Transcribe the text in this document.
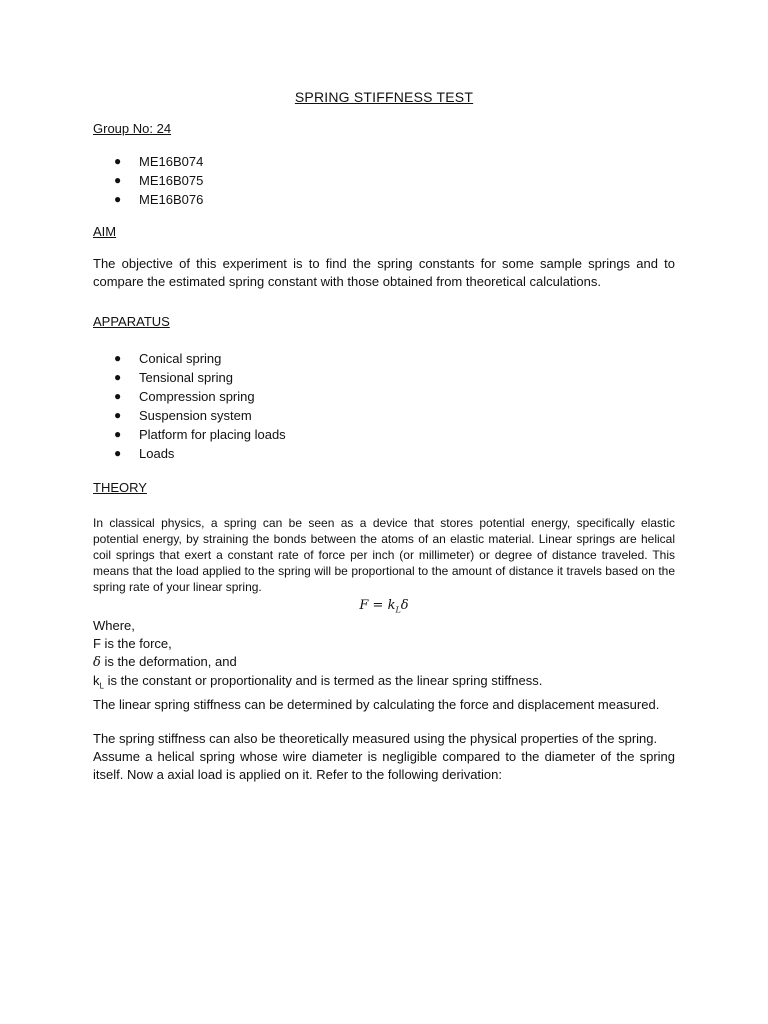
SPRING STIFFNESS TEST

Group No: 24

● ME16B074
● ME16B075
● ME16B076

AIM

The objective of this experiment is to find the spring constants for some sample springs and to compare the estimated spring constant with those obtained from theoretical calculations.

APPARATUS

● Conical spring
● Tensional spring
● Compression spring
● Suspension system
● Platform for placing loads
● Loads

THEORY

In classical physics, a spring can be seen as a device that stores potential energy, specifically elastic potential energy, by straining the bonds between the atoms of an elastic material. Linear springs are helical coil springs that exert a constant rate of force per inch (or millimeter) or degree of distance traveled. This means that the load applied to the spring will be proportional to the amount of distance it travels based on the spring rate of your linear spring.

$F = k_L\delta$

Where,

F is the force,

δ is the deformation, and

$k_L$ is the constant or proportionality and is termed as the linear spring stiffness.

The linear spring stiffness can be determined by calculating the force and displacement measured.

The spring stiffness can also be theoretically measured using the physical properties of the spring.

Assume a helical spring whose wire diameter is negligible compared to the diameter of the spring itself. Now a axial load is applied on it. Refer to the following derivation:
